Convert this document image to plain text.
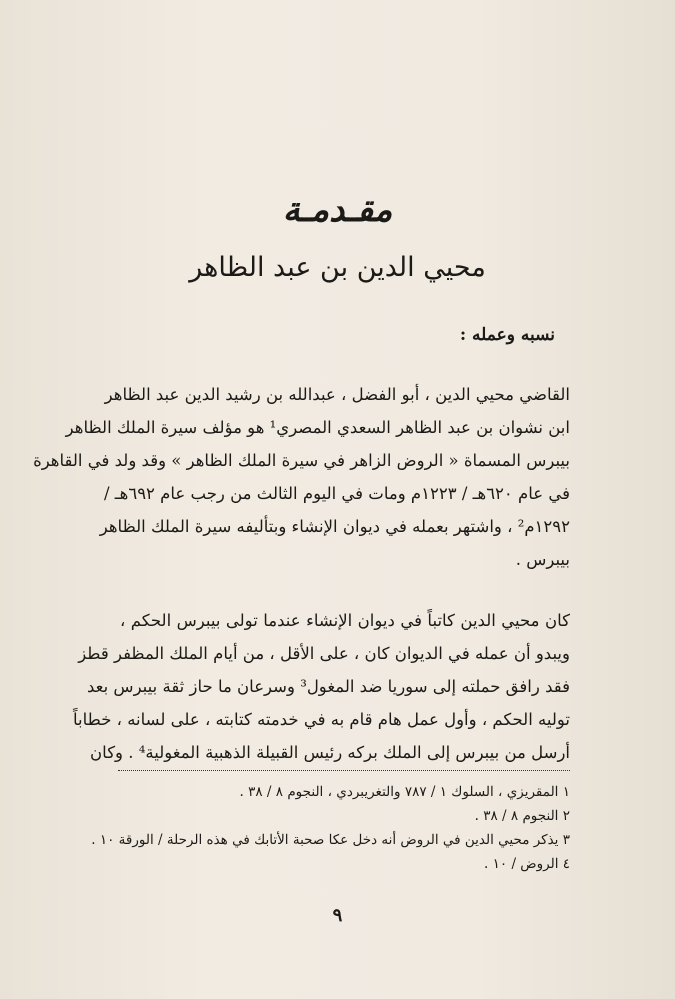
مقـدمـة
محيي الدين بن عبد الظاهر
نسبه وعمله :
القاضي محيي الدين ، أبو الفضل ، عبدالله بن رشيد الدين عبد الظاهر
ابن نشوان بن عبد الظاهر السعدي المصري¹ هو مؤلف سيرة الملك الظاهر
بيبرس المسماة « الروض الزاهر في سيرة الملك الظاهر » وقد ولد في القاهرة
في عام ٦٢٠هـ / ١٢٢٣م ومات في اليوم الثالث من رجب عام ٦٩٢هـ /
١٢٩٢م² ، واشتهر بعمله في ديوان الإنشاء وبتأليفه سيرة الملك الظاهر
بيبرس .
كان محيي الدين كاتباً في ديوان الإنشاء عندما تولى بيبرس الحكم ،
ويبدو أن عمله في الديوان كان ، على الأقل ، من أيام الملك المظفر قطز
فقد رافق حملته إلى سوريا ضد المغول³ وسرعان ما حاز ثقة بيبرس بعد
توليه الحكم ، وأول عمل هام قام به في خدمته كتابته ، على لسانه ، خطاباً
أرسل من بيبرس إلى الملك بركه رئيس القبيلة الذهبية المغولية⁴ . وكان
١ المقريزي ، السلوك ١ / ٧٨٧ والتغريبردي ، النجوم ٨ / ٣٨ .
٢ النجوم ٨ / ٣٨ .
٣ يذكر محيي الدين في الروض أنه دخل عكا صحبة الأتابك في هذه الرحلة / الورقة ١٠ .
٤ الروض / ١٠ .
٩
